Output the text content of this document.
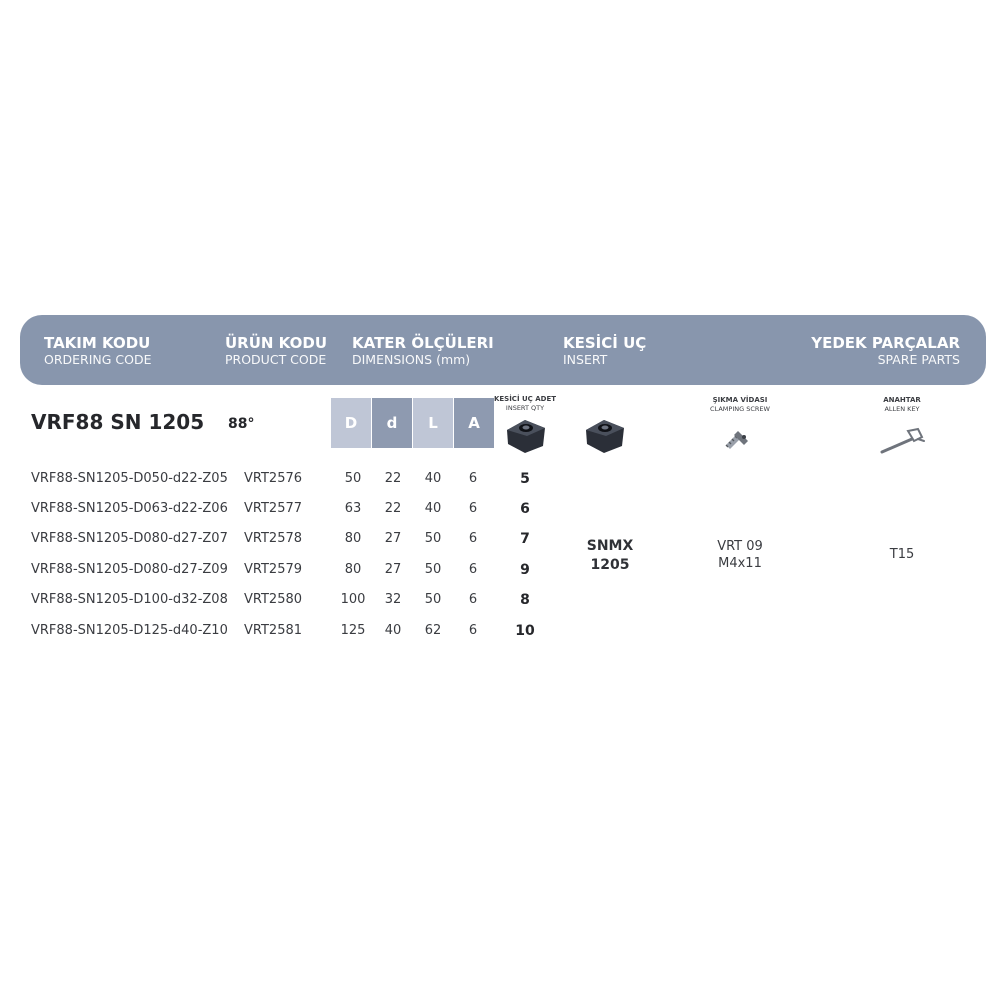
TAKIM KODU
ORDERING CODE
ÜRÜN KODU
PRODUCT CODE
KATER ÖLÇÜLERI
DIMENSIONS (mm)
KESİCİ UÇ
INSERT
YEDEK PARÇALAR
SPARE PARTS
VRF88 SN 1205 88°	D	d	L	A
KESİCİ UÇ ADET
INSERT QTY
ŞIKMA VİDASI
CLAMPING SCREW
ANAHTAR
ALLEN KEY
VRF88-SN1205-D050-d22-Z05 VRT2576	50	22	40	6	5
VRF88-SN1205-D063-d22-Z06 VRT2577	63	22	40	6	6
VRF88-SN1205-D080-d27-Z07 VRT2578	80	27	50	6	7
VRF88-SN1205-D080-d27-Z09 VRT2579	80	27	50	6	9
VRF88-SN1205-D100-d32-Z08 VRT2580	100	32	50	6	8
VRF88-SN1205-D125-d40-Z10 VRT2581	125	40	62	6	10
SNMX
1205
VRT 09
M4x11
T15
